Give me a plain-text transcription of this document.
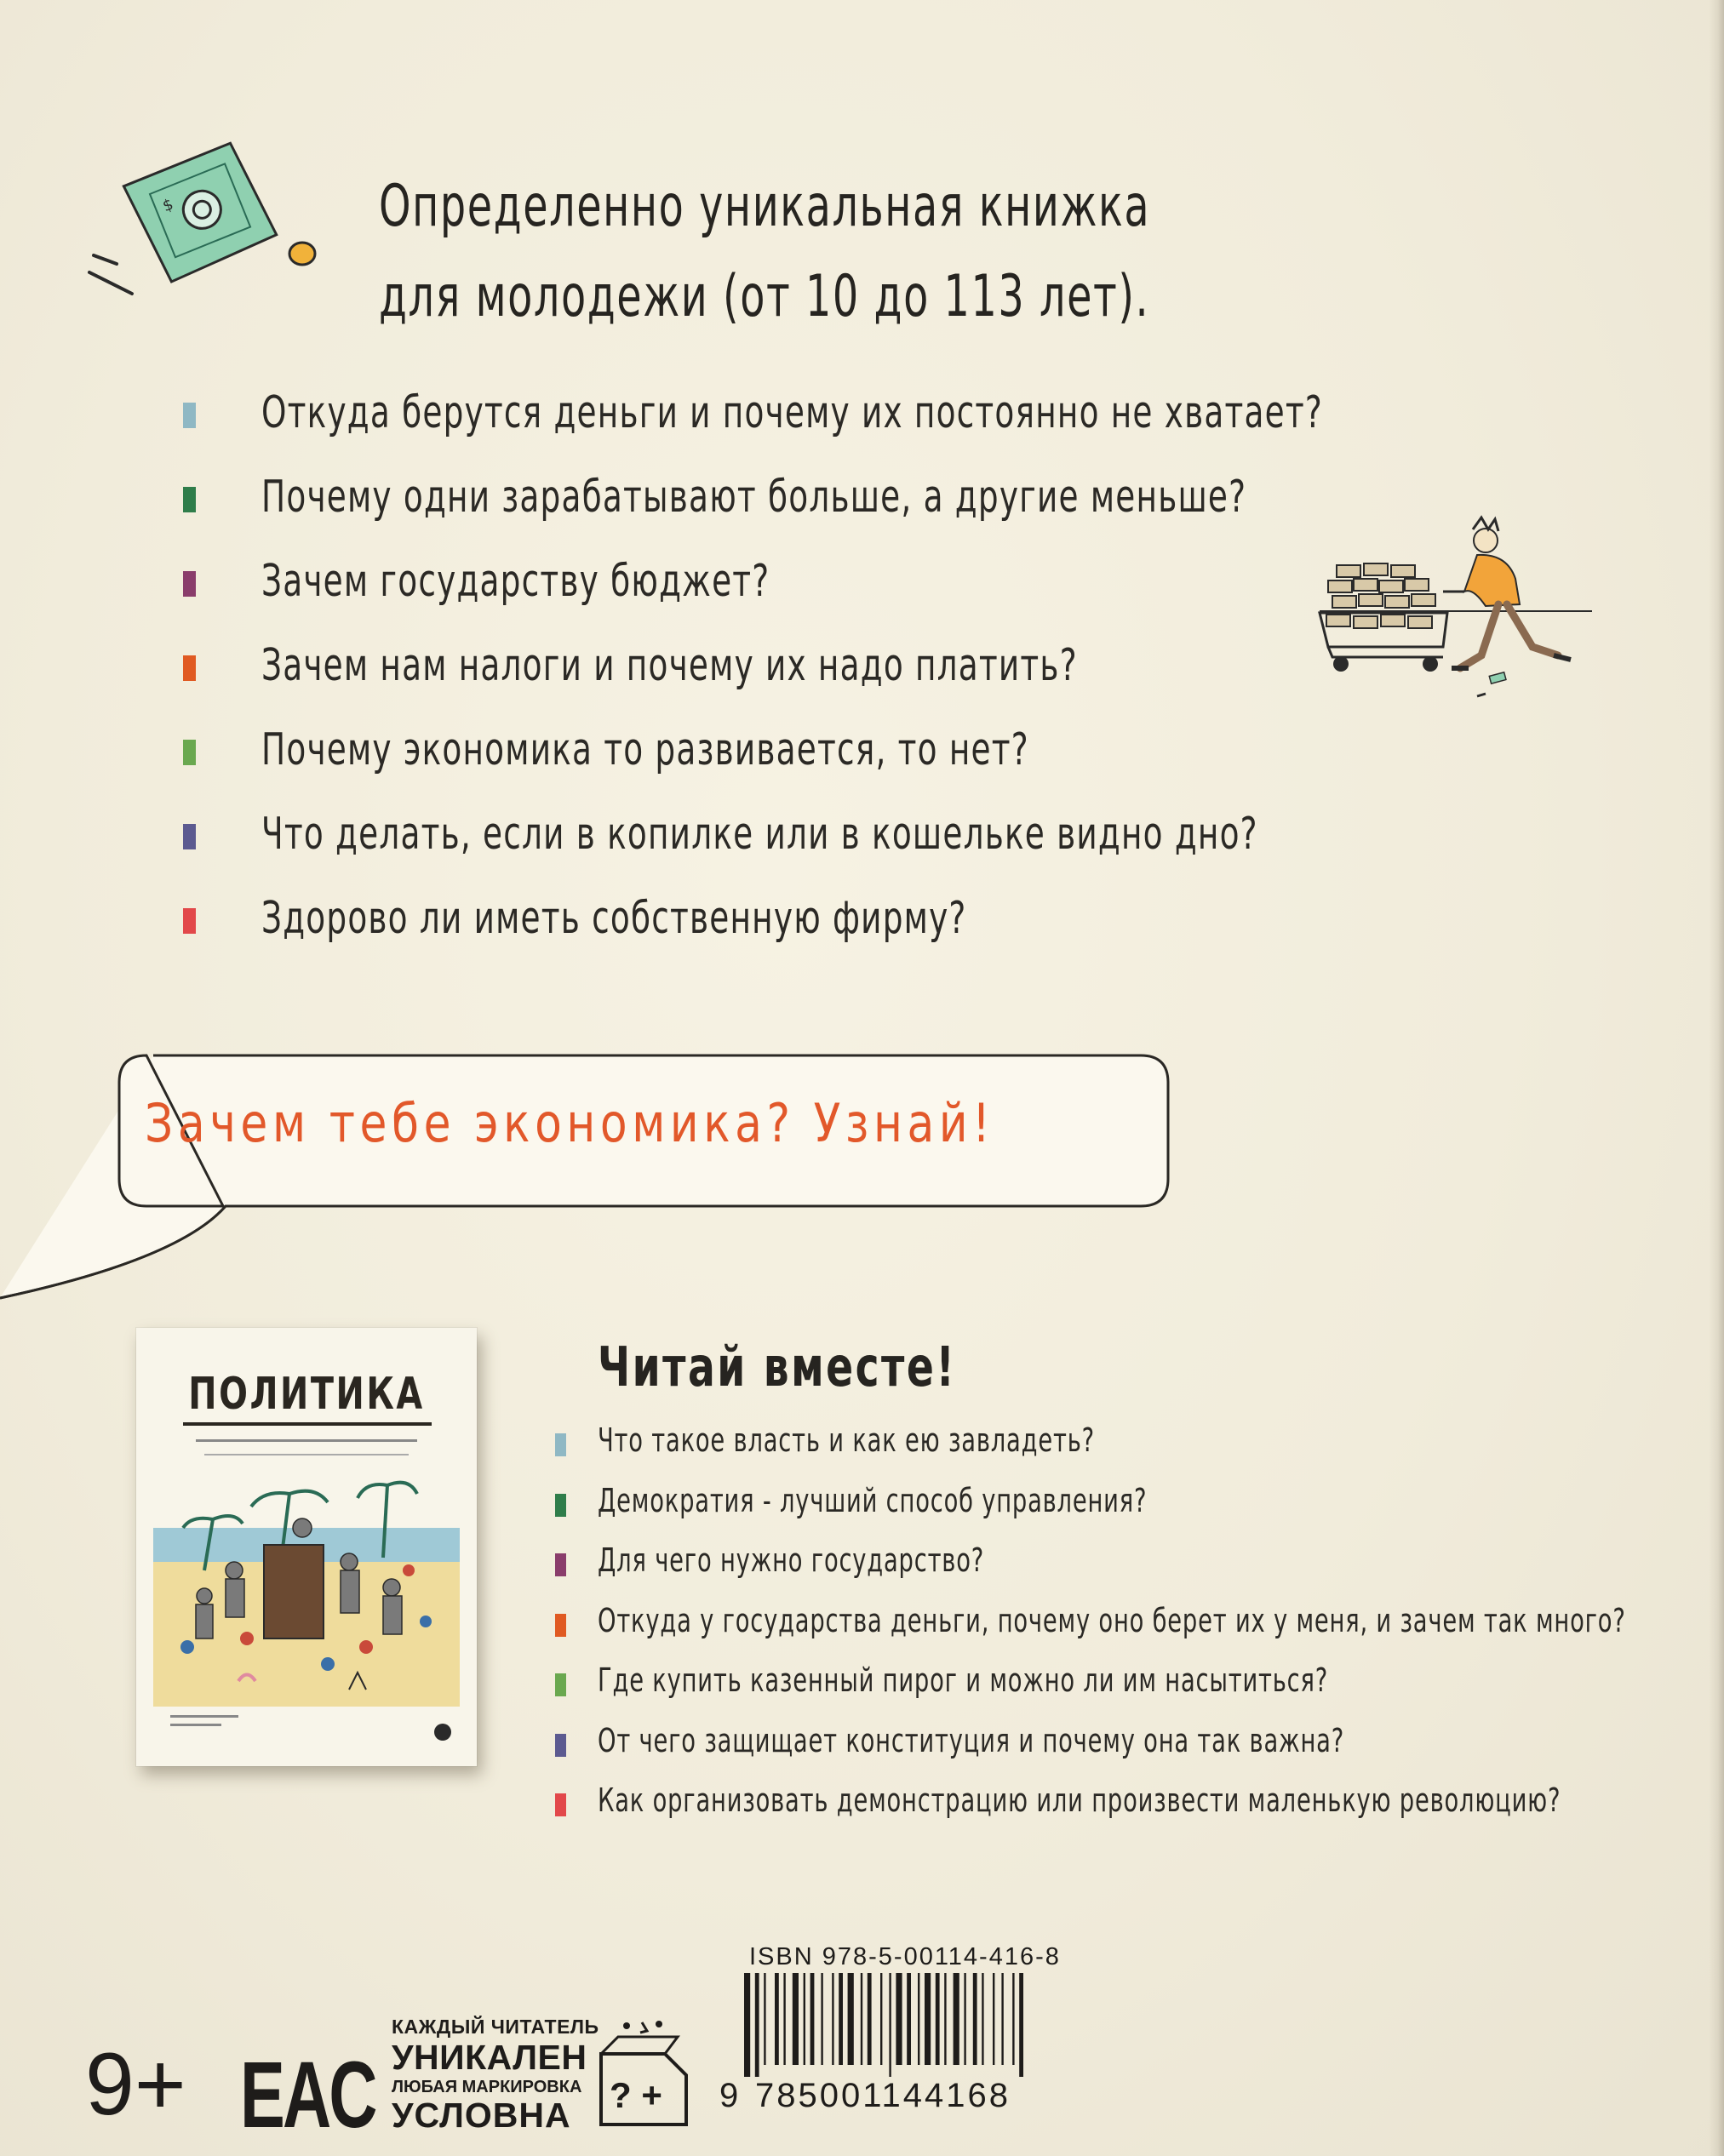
$	Определенно уникальная книжка
для молодежи (от 10 до 113 лет).
Откуда берутся деньги и почему их постоянно не хватает?
Почему одни зарабатывают больше, а другие меньше?
Зачем государству бюджет?
Зачем нам налоги и почему их надо платить?
Почему экономика то развивается, то нет?
Что делать, если в копилке или в кошельке видно дно?
Здорово ли иметь собственную фирму?
Зачем тебе экономика? Узнай!
ПОЛИТИКА	Читай вместе!
Что такое власть и как ею завладеть?
Демократия - лучший способ управления?
Для чего нужно государство?
Откуда у государства деньги, почему оно берет их у меня, и зачем так много?
Где купить казенный пирог и можно ли им насытиться?
От чего защищает конституция и почему она так важна?
Как организовать демонстрацию или произвести маленькую революцию?
9+ EAC
КАЖДЫЙ ЧИТАТЕЛЬ
УНИКАЛЕН
ЛЮБАЯ МАРКИРОВКА
УСЛОВНА ? +
ISBN 978-5-00114-416-8
9 785001144168
